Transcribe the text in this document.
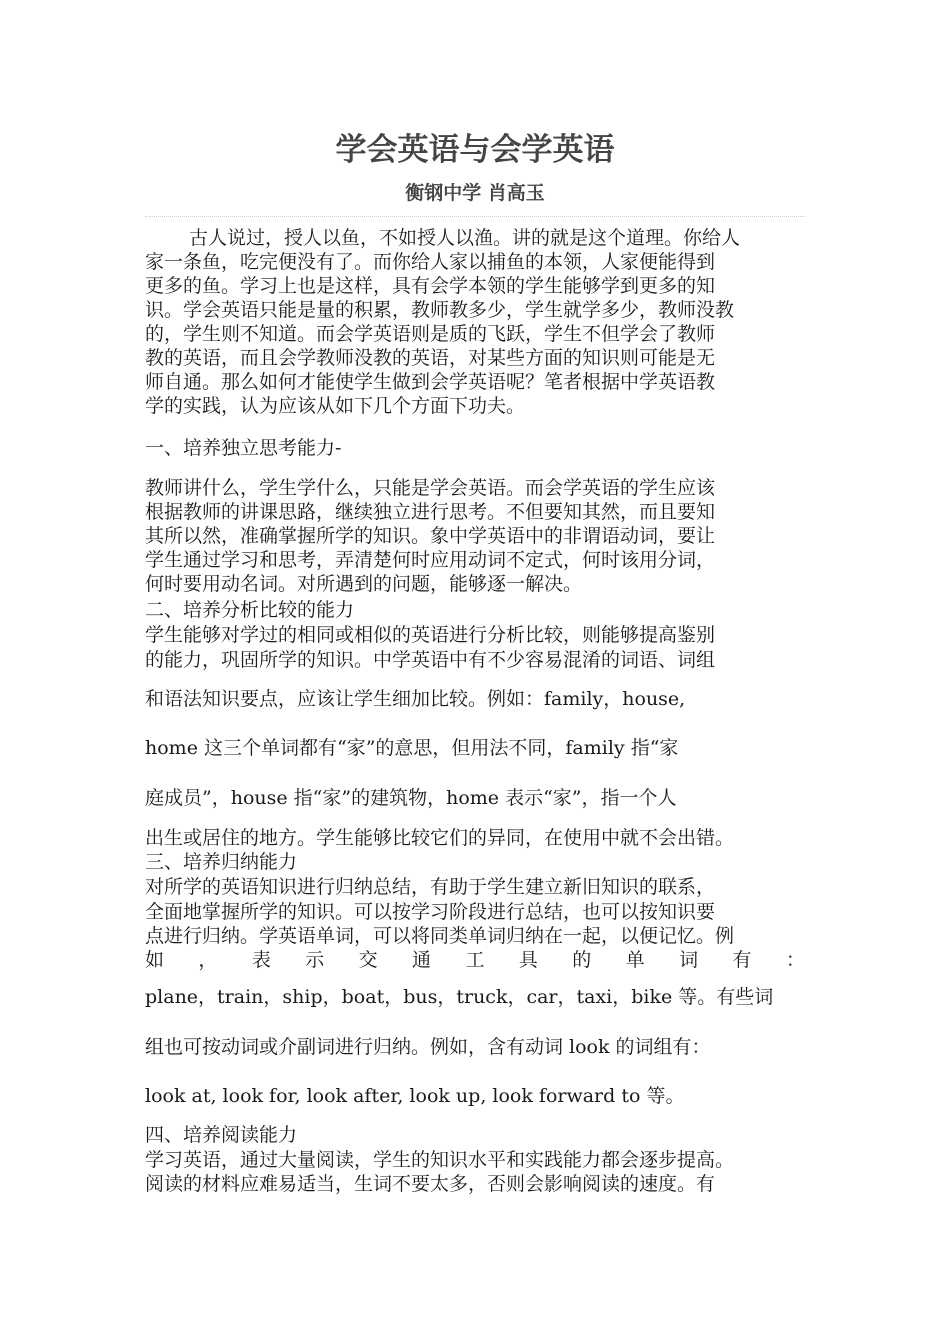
学会英语与会学英语
衡钢中学 肖高玉
古人说过，授人以鱼，不如授人以渔。讲的就是这个道理。你给人
家一条鱼，吃完便没有了。而你给人家以捕鱼的本领，人家便能得到
更多的鱼。学习上也是这样，具有会学本领的学生能够学到更多的知
识。学会英语只能是量的积累，教师教多少，学生就学多少，教师没教
的，学生则不知道。而会学英语则是质的飞跃，学生不但学会了教师
教的英语，而且会学教师没教的英语，对某些方面的知识则可能是无
师自通。那么如何才能使学生做到会学英语呢？笔者根据中学英语教
学的实践，认为应该从如下几个方面下功夫。
一、培养独立思考能力-
教师讲什么，学生学什么，只能是学会英语。而会学英语的学生应该
根据教师的讲课思路，继续独立进行思考。不但要知其然，而且要知
其所以然，准确掌握所学的知识。象中学英语中的非谓语动词，要让
学生通过学习和思考，弄清楚何时应用动词不定式，何时该用分词，
何时要用动名词。对所遇到的问题，能够逐一解决。
二、培养分析比较的能力
学生能够对学过的相同或相似的英语进行分析比较，则能够提高鉴别
的能力，巩固所学的知识。中学英语中有不少容易混淆的词语、词组
和语法知识要点，应该让学生细加比较。例如：family，house,
home 这三个单词都有“家”的意思，但用法不同，family 指“家
庭成员”，house 指“家”的建筑物，home 表示“家”，指一个人
出生或居住的地方。学生能够比较它们的异同，在使用中就不会出错。
三、培养归纳能力
对所学的英语知识进行归纳总结，有助于学生建立新旧知识的联系，
全面地掌握所学的知识。可以按学习阶段进行总结，也可以按知识要
点进行归纳。学英语单词，可以将同类单词归纳在一起，以便记忆。例
如 ， 表 示 交 通 工 具 的 单 词 有 ：
plane，train，ship，boat，bus，truck，car，taxi，bike 等。有些词
组也可按动词或介副词进行归纳。例如，含有动词 look 的词组有：
look at, look for, look after, look up, look forward to 等。
四、培养阅读能力
学习英语，通过大量阅读，学生的知识水平和实践能力都会逐步提高。
阅读的材料应难易适当，生词不要太多，否则会影响阅读的速度。有
